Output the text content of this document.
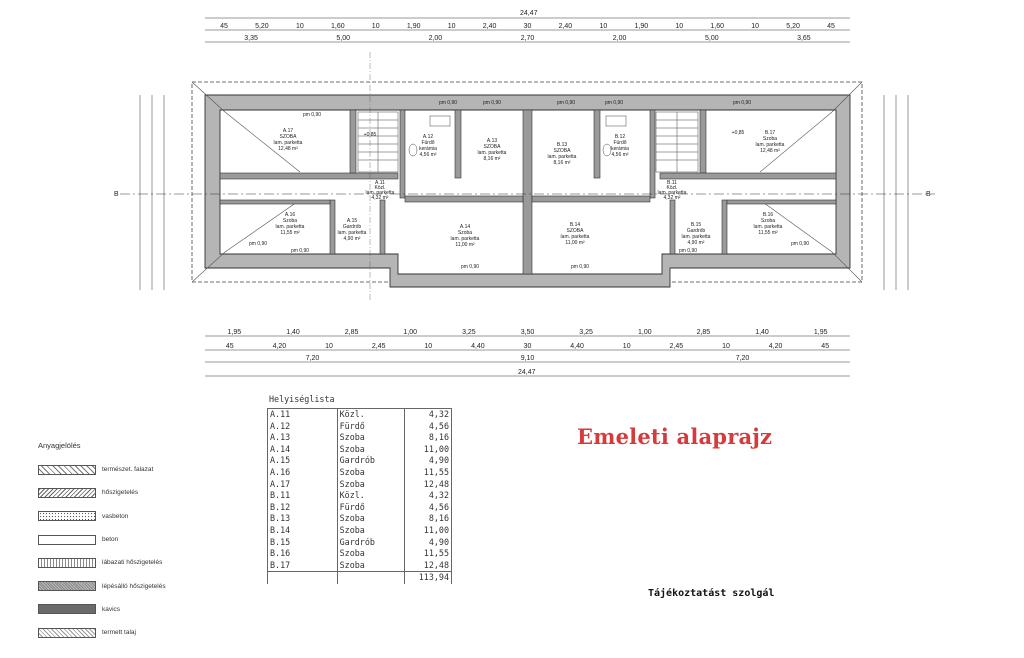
B	B
24,47
45	5,20	10	1,60	10	1,90	10	2,40	30	2,40	10	1,90	10	1,60	10	5,20	45
3,35	5,00	2,00	2,70	2,00	5,00	3,65
1,95	1,40	2,85	1,00	3,25	3,50	3,25	1,00	2,85	1,40	1,95
45	4,20	10	2,45	10	4,40	30	4,40	10	2,45	10	4,20	45
7,20	9,10	7,20
24,47
+0,85	+0,85
A.17
SZOBA
lam. parketta
12,48 m²
A.12
Fürdő
kerámia
4,56 m²
A.13
SZOBA
lam. parketta
8,16 m²
B.13
SZOBA
lam. parketta
8,16 m²
B.12
Fürdő
kerámia
4,56 m²
B.17
Szoba
lam. parketta
12,48 m²
A.16
Szoba
lam. parketta
11,55 m²
A.15
Gardrób
lam. parketta
4,90 m²
A.14
Szoba
lam. parketta
11,00 m²
B.14
SZOBA
lam. parketta
11,00 m²
B.15
Gardrób
lam. parketta
4,90 m²
B.16
Szoba
lam. parketta
11,55 m²
A.11
Közl.
lam. parketta
4,32 m²
B.11
Közl.
lam. parketta
4,32 m²
pm 0,90
pm 0,90	pm 0,90	pm 0,90	pm 0,90	pm 0,90
pm 0,90
pm 0,90
pm 0,90	pm 0,90
pm 0,90
pm 0,90
Emeleti alaprajz
Tájékoztatást szolgál
Helyiséglista
A.11	Közl.	4,32
A.12	Fürdő	4,56
A.13	Szoba	8,16
A.14	Szoba	11,00
A.15	Gardrób	4,90
A.16	Szoba	11,55
A.17	Szoba	12,48
B.11	Közl.	4,32
B.12	Fürdő	4,56
B.13	Szoba	8,16
B.14	Szoba	11,00
B.15	Gardrób	4,90
B.16	Szoba	11,55
B.17	Szoba	12,48
		113,94
Anyagjelölés
természet. falazat
hőszigetelés
vasbeton
beton
lábazati hőszigetelés
lépésálló hőszigetelés
kavics
termett talaj
